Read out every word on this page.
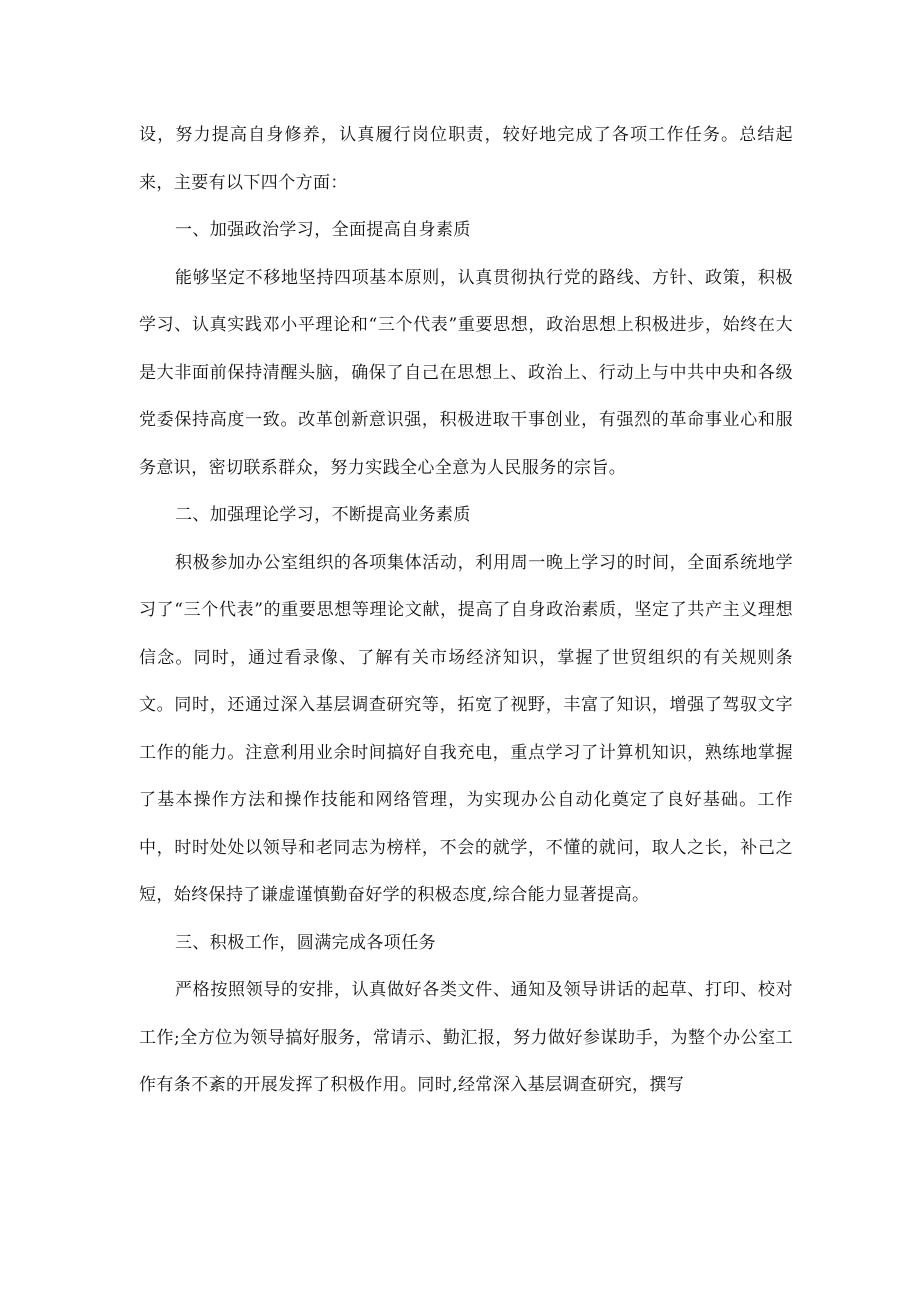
设，努力提高自身修养，认真履行岗位职责，较好地完成了各项工作任务。总结起来，主要有以下四个方面：

一、加强政治学习，全面提高自身素质

能够坚定不移地坚持四项基本原则，认真贯彻执行党的路线、方针、政策，积极学习、认真实践邓小平理论和“三个代表”重要思想，政治思想上积极进步，始终在大是大非面前保持清醒头脑，确保了自己在思想上、政治上、行动上与中共中央和各级党委保持高度一致。改革创新意识强，积极进取干事创业，有强烈的革命事业心和服务意识，密切联系群众，努力实践全心全意为人民服务的宗旨。

二、加强理论学习，不断提高业务素质

积极参加办公室组织的各项集体活动，利用周一晚上学习的时间，全面系统地学习了“三个代表”的重要思想等理论文献，提高了自身政治素质，坚定了共产主义理想信念。同时，通过看录像、了解有关市场经济知识，掌握了世贸组织的有关规则条文。同时，还通过深入基层调查研究等，拓宽了视野，丰富了知识，增强了驾驭文字工作的能力。注意利用业余时间搞好自我充电，重点学习了计算机知识，熟练地掌握了基本操作方法和操作技能和网络管理，为实现办公自动化奠定了良好基础。工作中，时时处处以领导和老同志为榜样，不会的就学，不懂的就问，取人之长，补己之短，始终保持了谦虚谨慎勤奋好学的积极态度,综合能力显著提高。

三、积极工作，圆满完成各项任务

严格按照领导的安排，认真做好各类文件、通知及领导讲话的起草、打印、校对工作;全方位为领导搞好服务，常请示、勤汇报，努力做好参谋助手，为整个办公室工作有条不紊的开展发挥了积极作用。同时,经常深入基层调查研究，撰写
